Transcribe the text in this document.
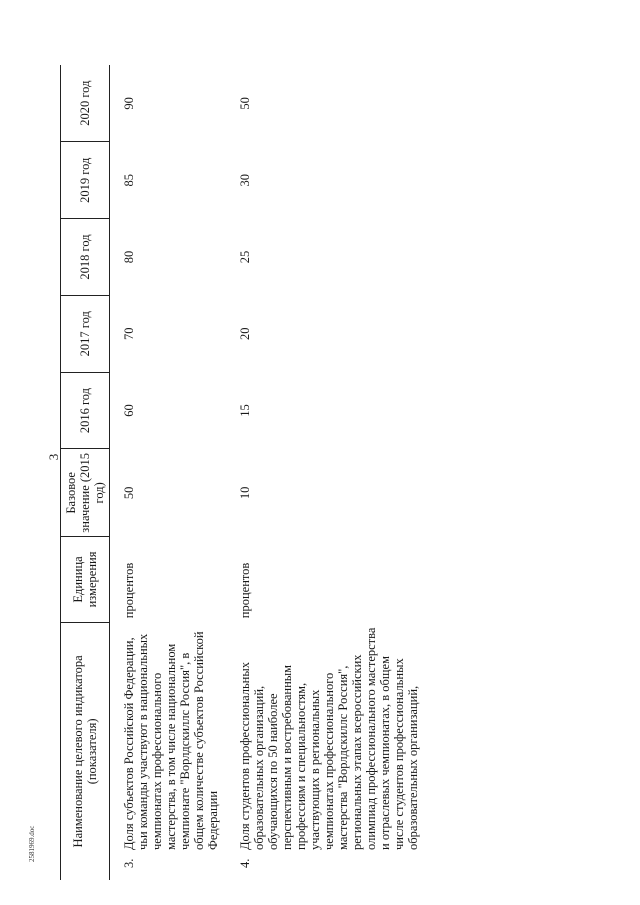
3
2581969.doc	Наименование целевого индикатора (показателя)	Единица измерения	Базовое значение (2015 год)	2016 год	2017 год	2018 год	2019 год	2020 год

3.
Доля субъектов Российской Федерации, чьи команды участвуют в национальных чемпионатах профессионального мастерства, в том числе национальном чемпионате "Ворлдскиллс Россия", в общем количестве субъектов Российской Федерации	процентов	50	60	70	80	85	90

4.
Доля студентов профессиональных образовательных организаций, обучающихся по 50 наиболее перспективным и востребованным профессиям и специальностям, участвующих в региональных чемпионатах профессионального мастерства "Ворлдскиллс Россия", региональных этапах всероссийских олимпиад профессионального мастерства и отраслевых чемпионатах, в общем числе студентов профессиональных образовательных организаций,	процентов	10	15	20	25	30	50
